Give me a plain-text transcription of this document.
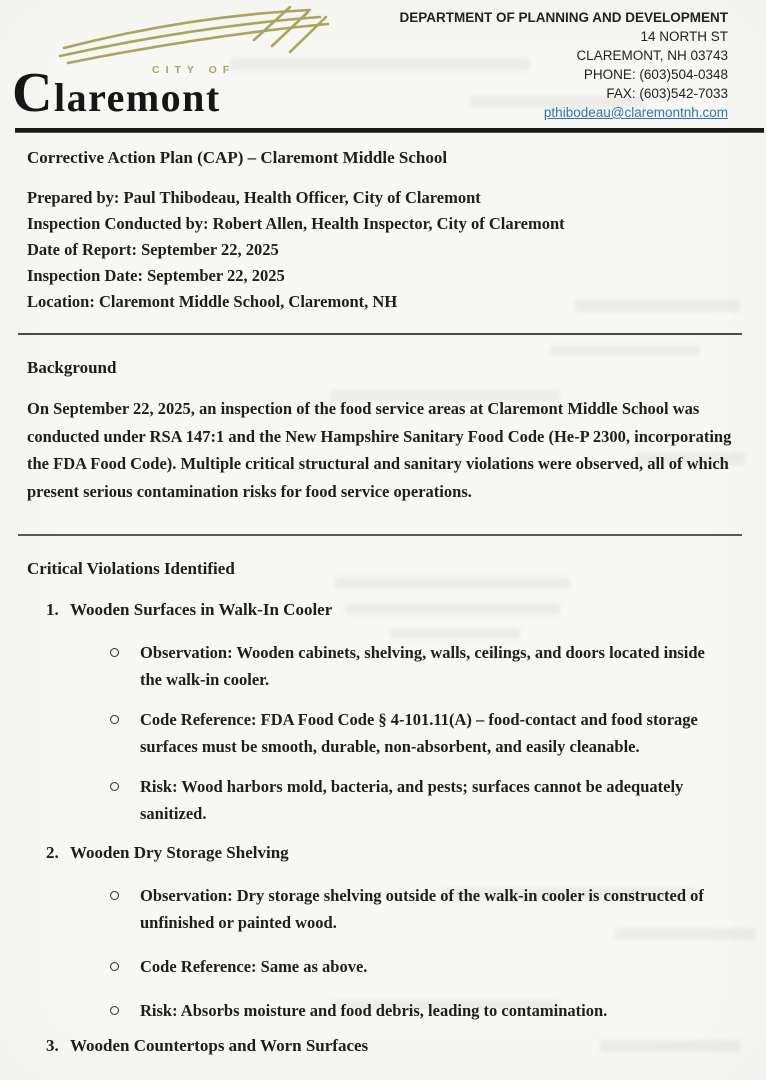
CITY OF
Claremont
DEPARTMENT OF PLANNING AND DEVELOPMENT
14 NORTH ST
CLAREMONT, NH 03743
PHONE: (603)504-0348
FAX: (603)542-7033
pthibodeau@claremontnh.com
Corrective Action Plan (CAP) – Claremont Middle School
Prepared by: Paul Thibodeau, Health Officer, City of Claremont
Inspection Conducted by: Robert Allen, Health Inspector, City of Claremont
Date of Report: September 22, 2025
Inspection Date: September 22, 2025
Location: Claremont Middle School, Claremont, NH
Background
On September 22, 2025, an inspection of the food service areas at Claremont Middle School was conducted under RSA 147:1 and the New Hampshire Sanitary Food Code (He-P 2300, incorporating the FDA Food Code). Multiple critical structural and sanitary violations were observed, all of which present serious contamination risks for food service operations.
Critical Violations Identified
1. Wooden Surfaces in Walk-In Cooler
Observation: Wooden cabinets, shelving, walls, ceilings, and doors located inside the walk-in cooler.
Code Reference: FDA Food Code § 4-101.11(A) – food-contact and food storage surfaces must be smooth, durable, non-absorbent, and easily cleanable.
Risk: Wood harbors mold, bacteria, and pests; surfaces cannot be adequately sanitized.
2. Wooden Dry Storage Shelving
Observation: Dry storage shelving outside of the walk-in cooler is constructed of unfinished or painted wood.
Code Reference: Same as above.
Risk: Absorbs moisture and food debris, leading to contamination.
3. Wooden Countertops and Worn Surfaces
